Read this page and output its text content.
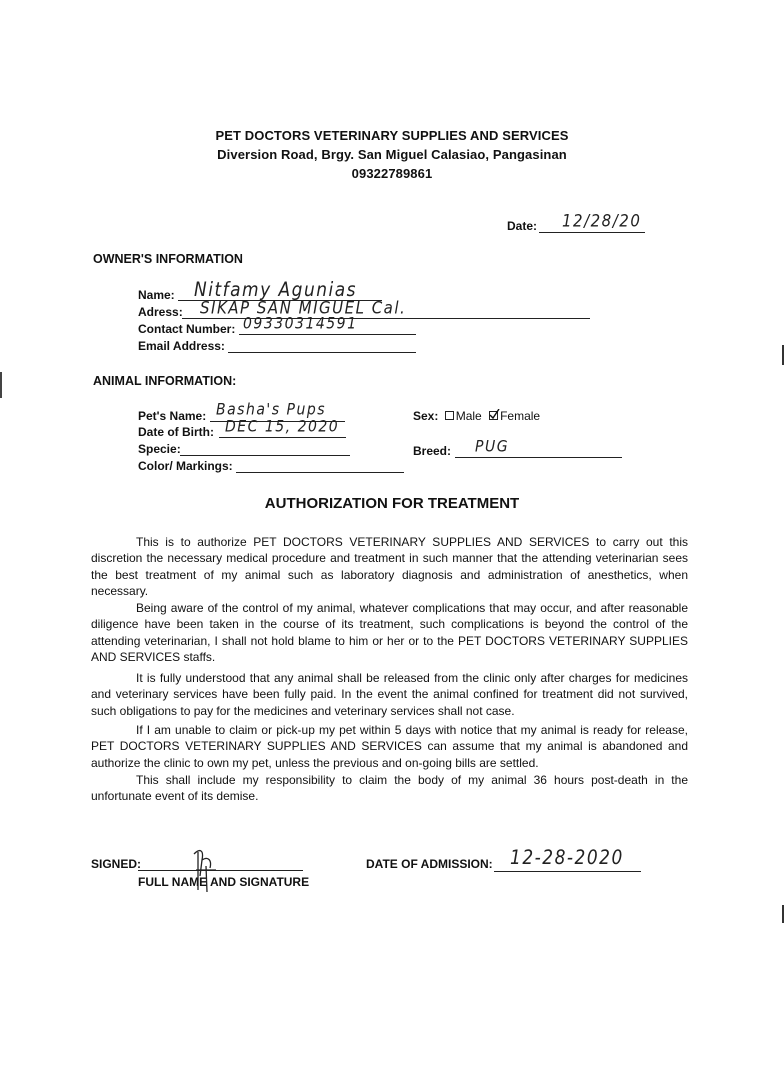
PET DOCTORS VETERINARY SUPPLIES AND SERVICES
Diversion Road, Brgy. San Miguel Calasiao, Pangasinan
09322789861
Date: 12/28/20
OWNER'S INFORMATION
Name: Nitfamy Agunias
Adress: SIKAP SAN MIGUEL Cal.
Contact Number: 09330314591
Email Address:
ANIMAL INFORMATION:
Pet's Name: Basha's Pups
Date of Birth: DEC 15, 2020
Specie:
Color/ Markings:
Sex: Male Female
Breed: PUG
AUTHORIZATION FOR TREATMENT

This is to authorize PET DOCTORS VETERINARY SUPPLIES AND SERVICES to carry out this discretion the necessary medical procedure and treatment in such manner that the attending veterinarian sees the best treatment of my animal such as laboratory diagnosis and administration of anesthetics, when necessary.

Being aware of the control of my animal, whatever complications that may occur, and after reasonable diligence have been taken in the course of its treatment, such complications is beyond the control of the attending veterinarian, I shall not hold blame to him or her or to the PET DOCTORS VETERINARY SUPPLIES AND SERVICES staffs.

It is fully understood that any animal shall be released from the clinic only after charges for medicines and veterinary services have been fully paid. In the event the animal confined for treatment did not survived, such obligations to pay for the medicines and veterinary services shall not case.

If I am unable to claim or pick-up my pet within 5 days with notice that my animal is ready for release, PET DOCTORS VETERINARY SUPPLIES AND SERVICES can assume that my animal is abandoned and authorize the clinic to own my pet, unless the previous and on-going bills are settled.

This shall include my responsibility to claim the body of my animal 36 hours post-death in the unfortunate event of its demise.

SIGNED:
FULL NAME AND SIGNATURE
DATE OF ADMISSION: 12-28-2020
